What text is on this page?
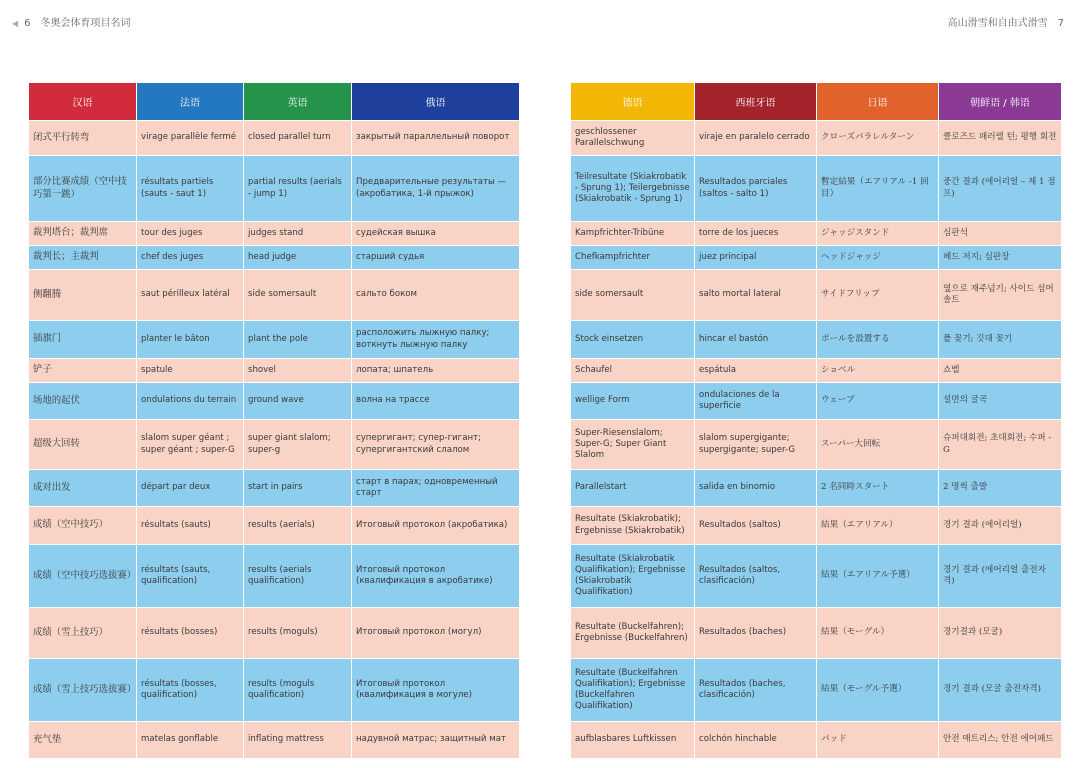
◀ 6 冬奥会体育项目名词
汉语	法语	英语	俄语
闭式平行转弯	virage parallèle fermé	closed parallel turn	закрытый параллельный поворот
部分比赛成绩（空中技巧第一跳）	résultats partiels (sauts - saut 1)	partial results (aerials - jump 1)	Предварительные результаты — (акробатика, 1-й прыжок)
裁判塔台；裁判席	tour des juges	judges stand	судейская вышка
裁判长；主裁判	chef des juges	head judge	старший судья
侧翻腾	saut périlleux latéral	side somersault	сальто боком
插旗门	planter le bâton	plant the pole	расположить лыжную палку; воткнуть лыжную палку
铲子	spatule	shovel	лопата; шпатель
场地的起伏	ondulations du terrain	ground wave	волна на трассе
超级大回转	slalom super géant ; super géant ; super-G	super giant slalom; super-g	супергигант; супер-гигант; супергигантский слалом
成对出发	départ par deux	start in pairs	старт в парах; одновременный старт
成绩（空中技巧）	résultats (sauts)	results (aerials)	Итоговый протокол (акробатика)
成绩（空中技巧选拔赛）	résultats (sauts, qualification)	results (aerials qualification)	Итоговый протокол (квалификация в акробатике)
成绩（雪上技巧）	résultats (bosses)	results (moguls)	Итоговый протокол (могул)
成绩（雪上技巧选拔赛）	résultats (bosses, qualification)	results (moguls qualification)	Итоговый протокол (квалификация в могуле)
充气垫	matelas gonflable	inflating mattress	надувной матрас; защитный мат
高山滑雪和自由式滑雪 7
德语	西班牙语	日语	朝鲜语 / 韩语
geschlossener Parallelschwung	viraje en paralelo cerrado	クローズパラレルターン	클로즈드 패러렐 턴; 평행 회전
Teilresultate (Skiakrobatik - Sprung 1); Teilergebnisse (Skiakrobatik - Sprung 1)	Resultados parciales (saltos - salto 1)	暫定結果（エアリアル -1 回目）	중간 결과 (에어리얼 – 제 1 점프)
Kampfrichter-Tribüne	torre de los jueces	ジャッジスタンド	심판석
Chefkampfrichter	juez principal	ヘッドジャッジ	헤드 저지; 심판장
side somersault	salto mortal lateral	サイドフリップ	옆으로 재주넘기; 사이드 섬머솔트
Stock einsetzen	hincar el bastón	ポールを設置する	폴 꽂기; 깃대 꽂기
Schaufel	espátula	ショベル	쇼벨
wellige Form	ondulaciones de la superficie	ウェーブ	설면의 굴곡
Super-Riesenslalom; Super-G; Super Giant Slalom	slalom supergigante; supergigante; super-G	スーパー大回転	슈퍼대회전; 초대회전; 수퍼 -G
Parallelstart	salida en binomio	2 名同時スタート	2 명씩 출발
Resultate (Skiakrobatik); Ergebnisse (Skiakrobatik)	Resultados (saltos)	結果（エアリアル）	경기 결과 (에어리얼)
Resultate (Skiakrobatik Qualifikation); Ergebnisse (Skiakrobatik Qualifikation)	Resultados (saltos, clasificación)	結果（エアリアル予選）	경기 결과 (에어리얼 출전자격)
Resultate (Buckelfahren); Ergebnisse (Buckelfahren)	Resultados (baches)	結果（モーグル）	경기결과 (모굴)
Resultate (Buckelfahren Qualifikation); Ergebnisse (Buckelfahren Qualifikation)	Resultados (baches, clasificación)	結果（モーグル予選）	경기 결과 (모굴 출전자격)
aufblasbares Luftkissen	colchón hinchable	パッド	안전 매트리스; 안전 에어패드
